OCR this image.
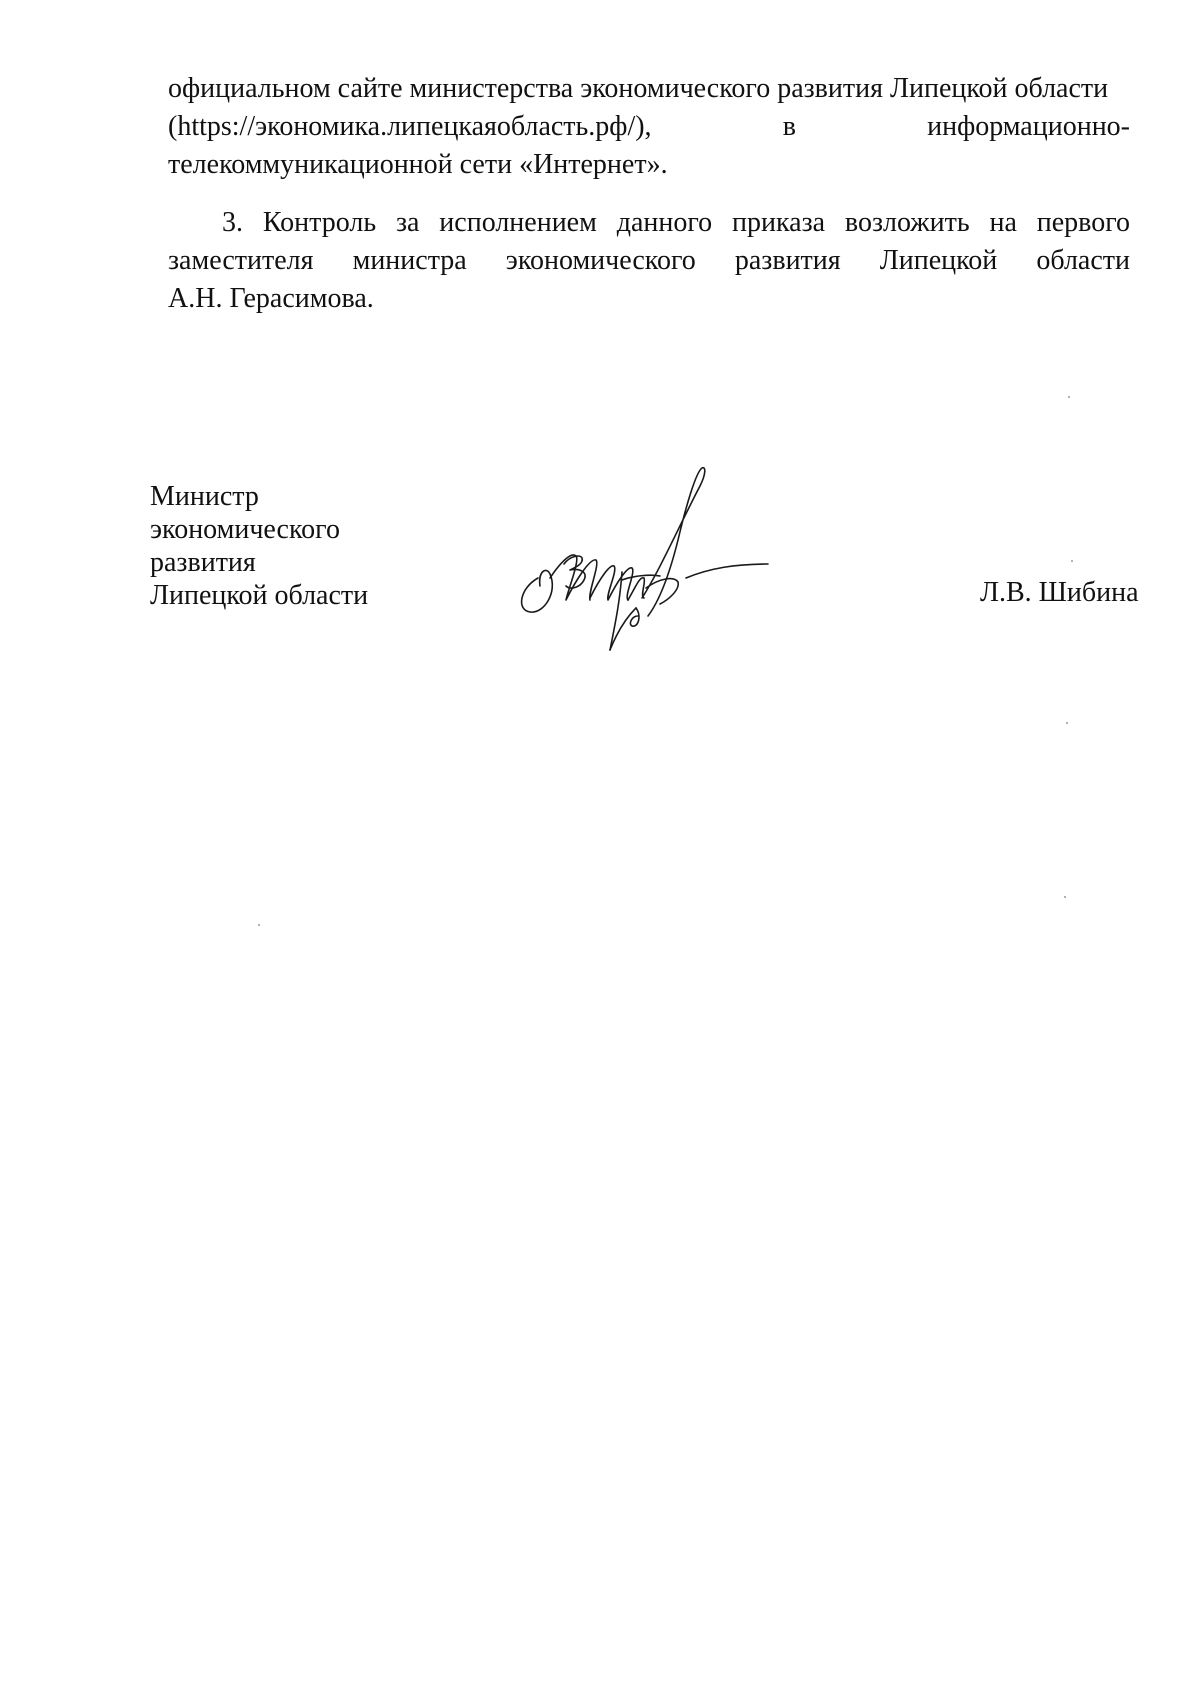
официальном сайте министерства экономического развития Липецкой области
(https://экономика.липецкаяобласть.рф/),	в	информационно-
телекоммуникационной сети «Интернет».
3. Контроль за исполнением данного приказа возложить на первого
заместителя министра экономического развития Липецкой области
А.Н. Герасимова.
Министр
экономического
развития
Липецкой области	Л.В. Шибина
